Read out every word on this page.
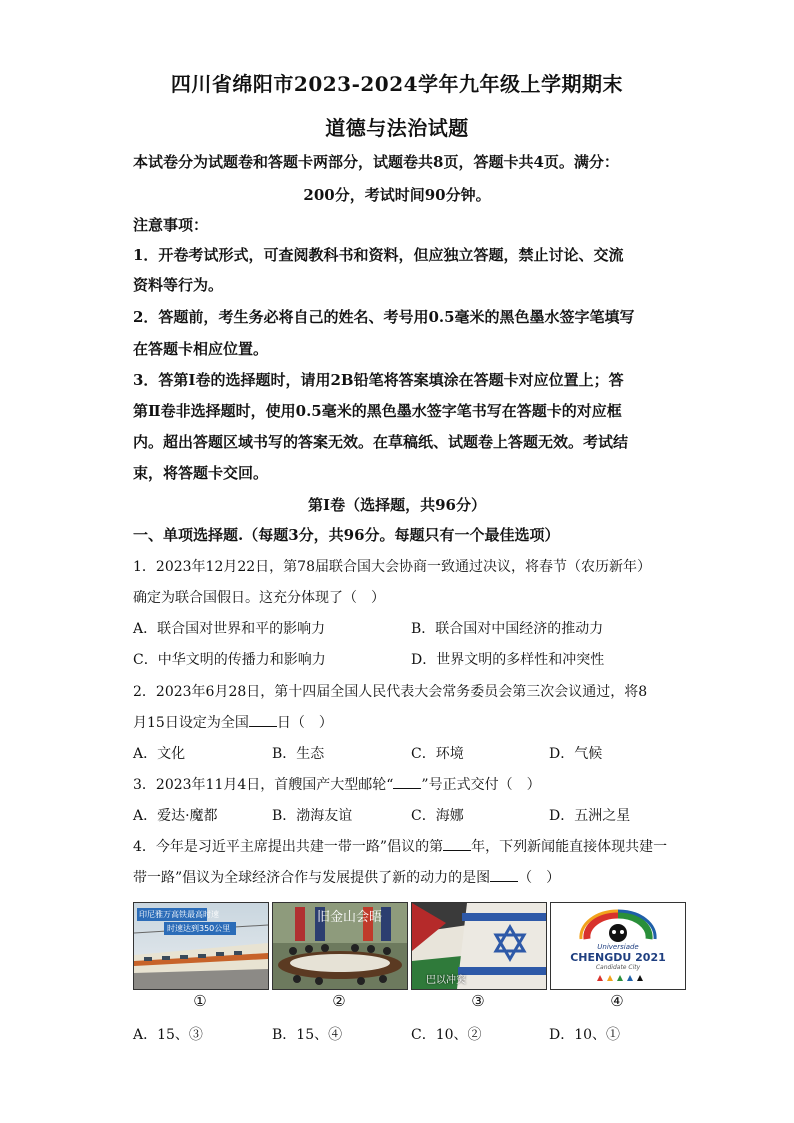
四川省绵阳市2023-2024学年九年级上学期期末
道德与法治试题
本试卷分为试题卷和答题卡两部分，试题卷共8页，答题卡共4页。满分：
200分，考试时间90分钟。
注意事项：
1．开卷考试形式，可查阅教科书和资料，但应独立答题，禁止讨论、交流
资料等行为。
2．答题前，考生务必将自己的姓名、考号用0.5毫米的黑色墨水签字笔填写
在答题卡相应位置。
3．答第Ⅰ卷的选择题时，请用2B铅笔将答案填涂在答题卡对应位置上；答
第Ⅱ卷非选择题时，使用0.5毫米的黑色墨水签字笔书写在答题卡的对应框
内。超出答题区域书写的答案无效。在草稿纸、试题卷上答题无效。考试结
束，将答题卡交回。
第Ⅰ卷（选择题，共96分）
一、单项选择题.（每题3分，共96分。每题只有一个最佳选项）
1．2023年12月22日，第78届联合国大会协商一致通过决议，将春节（农历新年）
确定为联合国假日。这充分体现了（　）
A．联合国对世界和平的影响力	B．联合国对中国经济的推动力
C．中华文明的传播力和影响力	D．世界文明的多样性和冲突性
2．2023年6月28日，第十四届全国人民代表大会常务委员会第三次会议通过，将8
月15日设定为全国 日（　）
A．文化	B．生态	C．环境	D．气候
3．2023年11月4日，首艘国产大型邮轮“ ”号正式交付（　）
A．爱达·魔都	B．渤海友谊	C．海娜	D．五洲之星
4．今年是习近平主席提出共建一带一路”倡议的第 年，下列新闻能直接体现共建一
带一路”倡议为全球经济合作与发展提供了新的动力的是图 （　）
印尼雅万高铁最高时速
时速达到350公里
①
旧金山会晤
②
巴以冲突
③
Universiade
CHENGDU 2021
Candidate City
④
A．15、③	B．15、④	C．10、②	D．10、①
